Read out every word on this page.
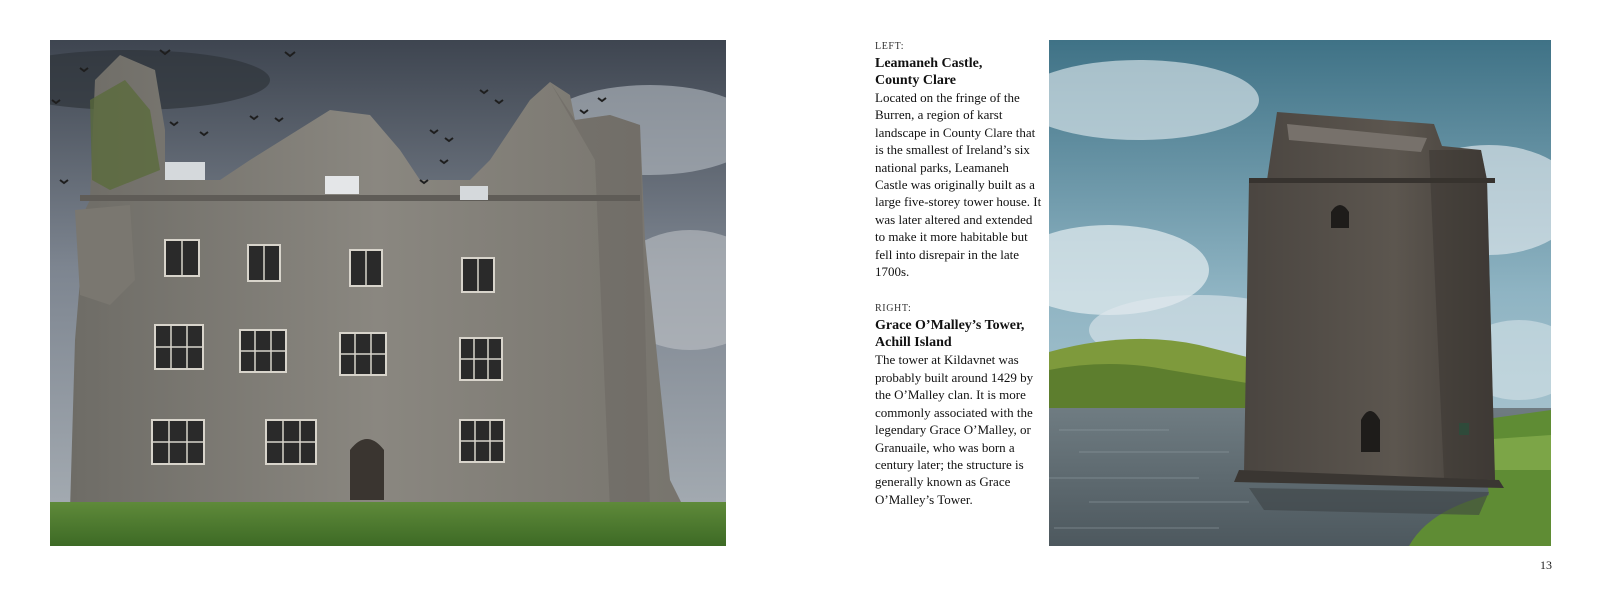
LEFT:

Leamaneh Castle,

County Clare

Located on the fringe of the Burren, a region of karst landscape in County Clare that is the smallest of Ireland’s six national parks, Leamaneh Castle was originally built as a large five-storey tower house. It was later altered and extended to make it more habitable but fell into disrepair in the late 1700s.

RIGHT:

Grace O’Malley’s Tower,

Achill Island

The tower at Kildavnet was probably built around 1429 by the O’Malley clan. It is more commonly associated with the legendary Grace O’Malley, or Granuaile, who was born a century later; the structure is generally known as Grace O’Malley’s Tower.

13
